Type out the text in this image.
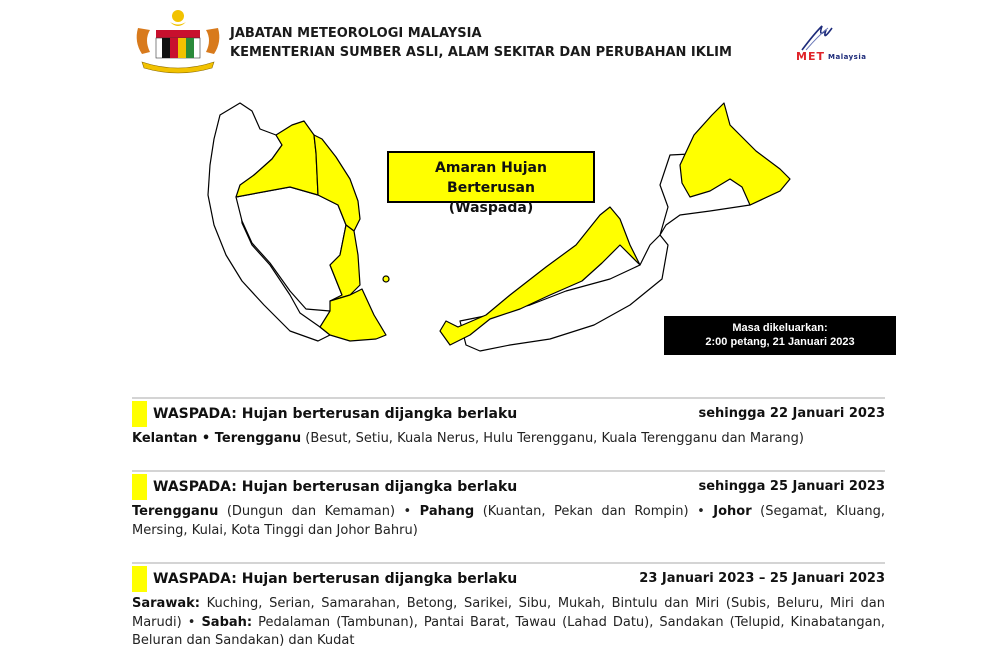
JABATAN METEOROLOGI MALAYSIA
KEMENTERIAN SUMBER ASLI, ALAM SEKITAR DAN PERUBAHAN IKLIM	MET Malaysia
Amaran Hujan Berterusan
(Waspada)
Masa dikeluarkan:
2:00 petang, 21 Januari 2023
WASPADA: Hujan berterusan dijangka berlaku	sehingga 22 Januari 2023
Kelantan • Terengganu (Besut, Setiu, Kuala Nerus, Hulu Terengganu, Kuala Terengganu dan Marang)
WASPADA: Hujan berterusan dijangka berlaku	sehingga 25 Januari 2023
Terengganu (Dungun dan Kemaman) • Pahang (Kuantan, Pekan dan Rompin) • Johor (Segamat, Kluang, Mersing, Kulai, Kota Tinggi dan Johor Bahru)
WASPADA: Hujan berterusan dijangka berlaku	23 Januari 2023 – 25 Januari 2023
Sarawak: Kuching, Serian, Samarahan, Betong, Sarikei, Sibu, Mukah, Bintulu dan Miri (Subis, Beluru, Miri dan Marudi) • Sabah: Pedalaman (Tambunan), Pantai Barat, Tawau (Lahad Datu), Sandakan (Telupid, Kinabatangan, Beluran dan Sandakan) dan Kudat
